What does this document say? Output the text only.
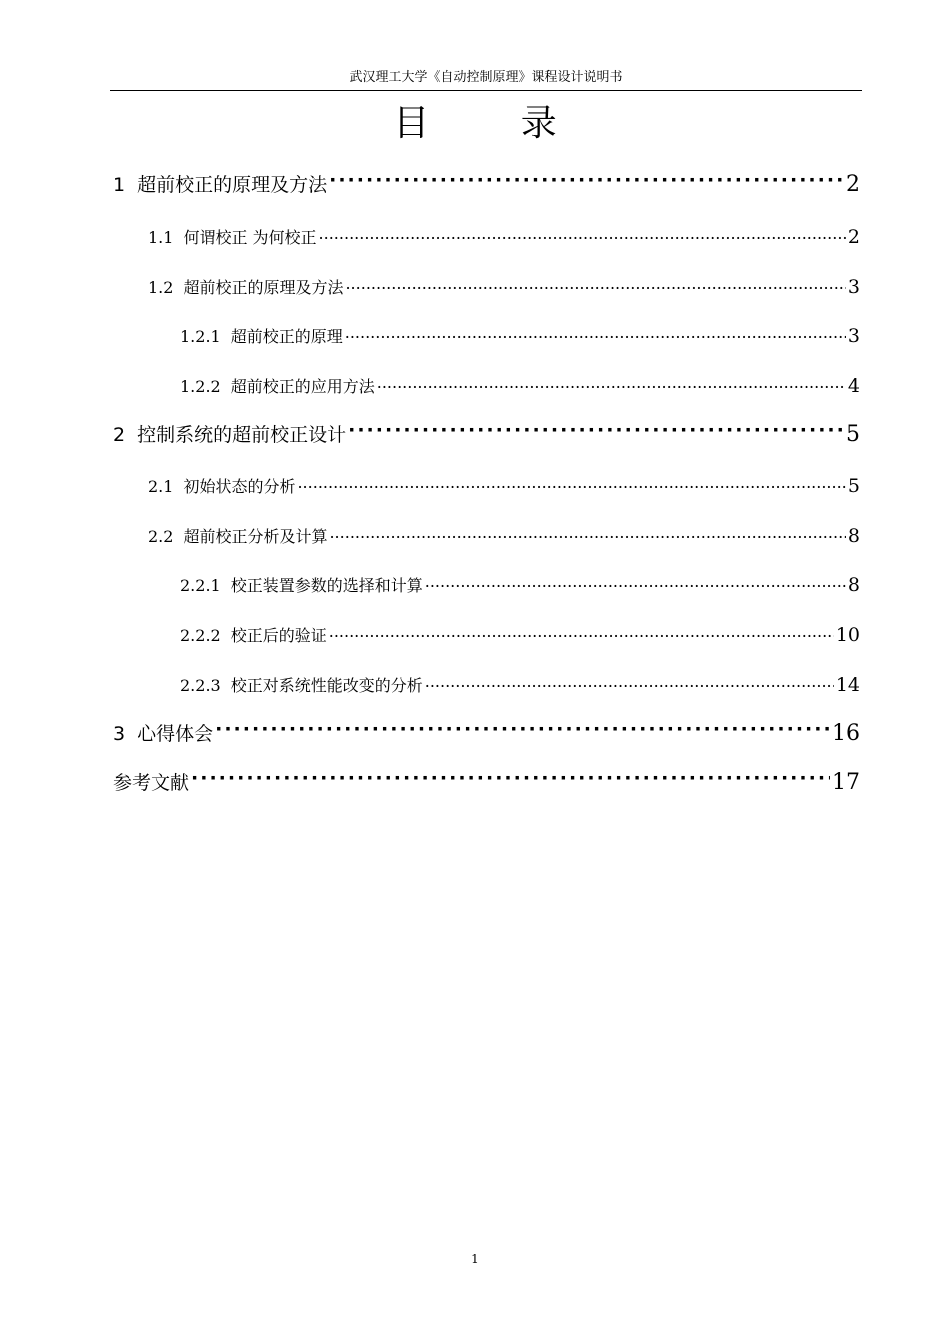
武汉理工大学《自动控制原理》课程设计说明书
目 录
1 超前校正的原理及方法 ·····	2
1.1 何谓校正 为何校正 .....	2
1.2 超前校正的原理及方法 .....	3
1.2.1 超前校正的原理 .....	3
1.2.2 超前校正的应用方法 .....	4
2 控制系统的超前校正设计 ·····	5
2.1 初始状态的分析 .....	5
2.2 超前校正分析及计算 .....	8
2.2.1 校正装置参数的选择和计算 .....	8
2.2.2 校正后的验证 .....	10
2.2.3 校正对系统性能改变的分析 .....	14
3 心得体会 ·····	16
参考文献 ·····	17
1
